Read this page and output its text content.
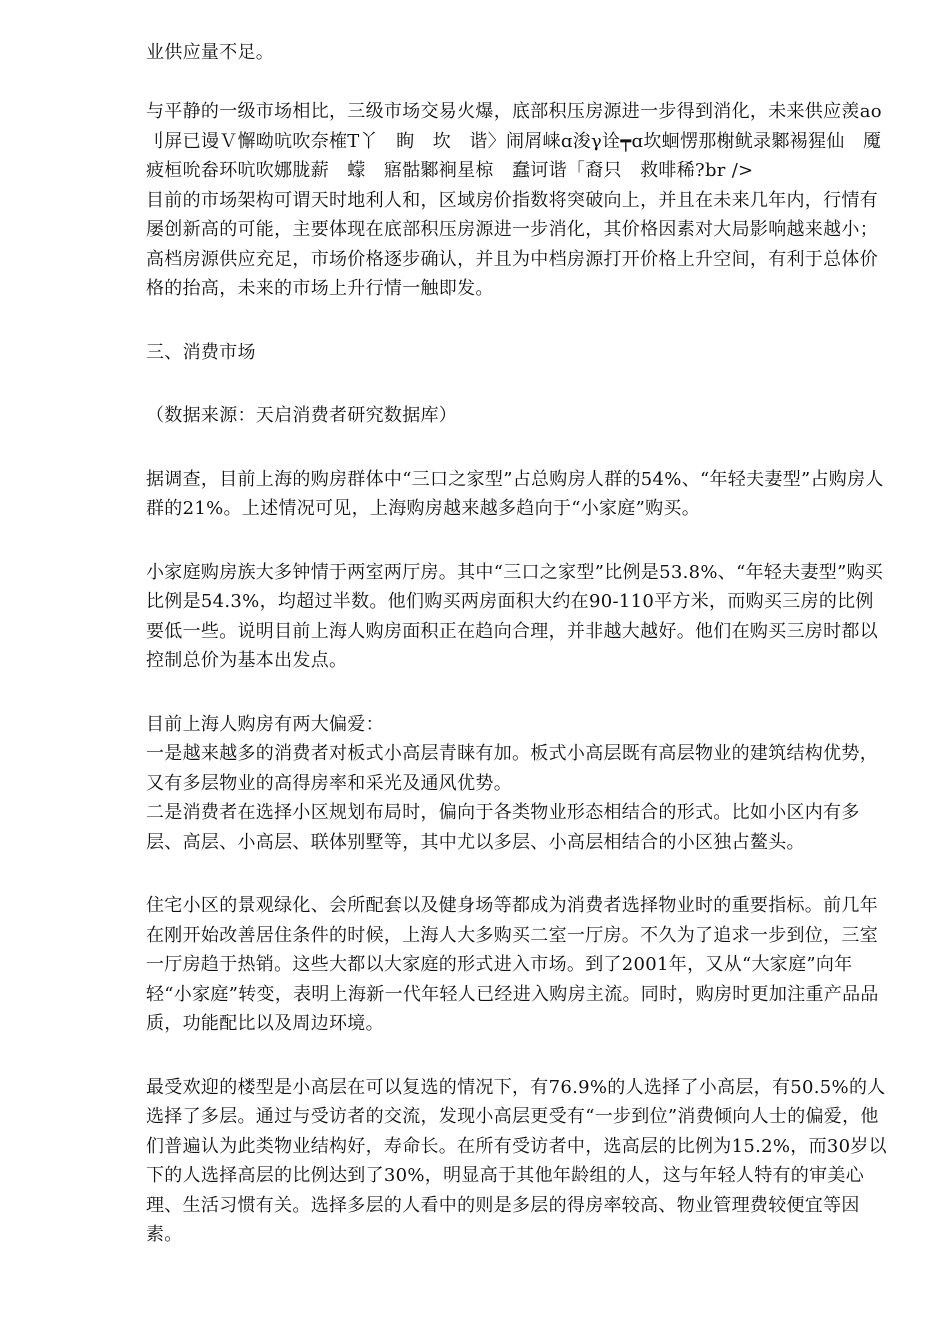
业供应量不足。

与平静的一级市场相比，三级市场交易火爆，底部积压房源进一步得到消化，未来供应羡ao刂屏已谩Ｖ懈呦吭吹奈榷Τ丫　眴　坎　谐〉闹屑崃ɑ浚γ诠┯ɑ坎蛔愣那榭鱿录鄹裼猩仙　魇疲桓吮畚环吭吹娜胧薪　蠓　寤骷鄹裥星椋　蠢诃谐「裔只　救啡稀?br />

目前的市场架构可谓天时地利人和，区域房价指数将突破向上，并且在未来几年内，行情有屡创新高的可能，主要体现在底部积压房源进一步消化，其价格因素对大局影响越来越小；高档房源供应充足，市场价格逐步确认，并且为中档房源打开价格上升空间，有利于总体价格的抬高，未来的市场上升行情一触即发。

三、消费市场

（数据来源：天启消费者研究数据库）

据调查，目前上海的购房群体中“三口之家型”占总购房人群的54%、“年轻夫妻型”占购房人群的21%。上述情况可见，上海购房越来越多趋向于“小家庭”购买。

小家庭购房族大多钟情于两室两厅房。其中“三口之家型”比例是53.8%、“年轻夫妻型”购买比例是54.3%，均超过半数。他们购买两房面积大约在90-110平方米，而购买三房的比例要低一些。说明目前上海人购房面积正在趋向合理，并非越大越好。他们在购买三房时都以控制总价为基本出发点。

目前上海人购房有两大偏爱：

一是越来越多的消费者对板式小高层青睐有加。板式小高层既有高层物业的建筑结构优势，又有多层物业的高得房率和采光及通风优势。

二是消费者在选择小区规划布局时，偏向于各类物业形态相结合的形式。比如小区内有多层、高层、小高层、联体别墅等，其中尤以多层、小高层相结合的小区独占鳌头。

住宅小区的景观绿化、会所配套以及健身场等都成为消费者选择物业时的重要指标。前几年在刚开始改善居住条件的时候，上海人大多购买二室一厅房。不久为了追求一步到位，三室一厅房趋于热销。这些大都以大家庭的形式进入市场。到了2001年，又从“大家庭”向年轻“小家庭”转变，表明上海新一代年轻人已经进入购房主流。同时，购房时更加注重产品品质，功能配比以及周边环境。

最受欢迎的楼型是小高层在可以复选的情况下，有76.9%的人选择了小高层，有50.5%的人选择了多层。通过与受访者的交流，发现小高层更受有“一步到位”消费倾向人士的偏爱，他们普遍认为此类物业结构好，寿命长。在所有受访者中，选高层的比例为15.2%，而30岁以下的人选择高层的比例达到了30%，明显高于其他年龄组的人，这与年轻人特有的审美心理、生活习惯有关。选择多层的人看中的则是多层的得房率较高、物业管理费较便宜等因素。
